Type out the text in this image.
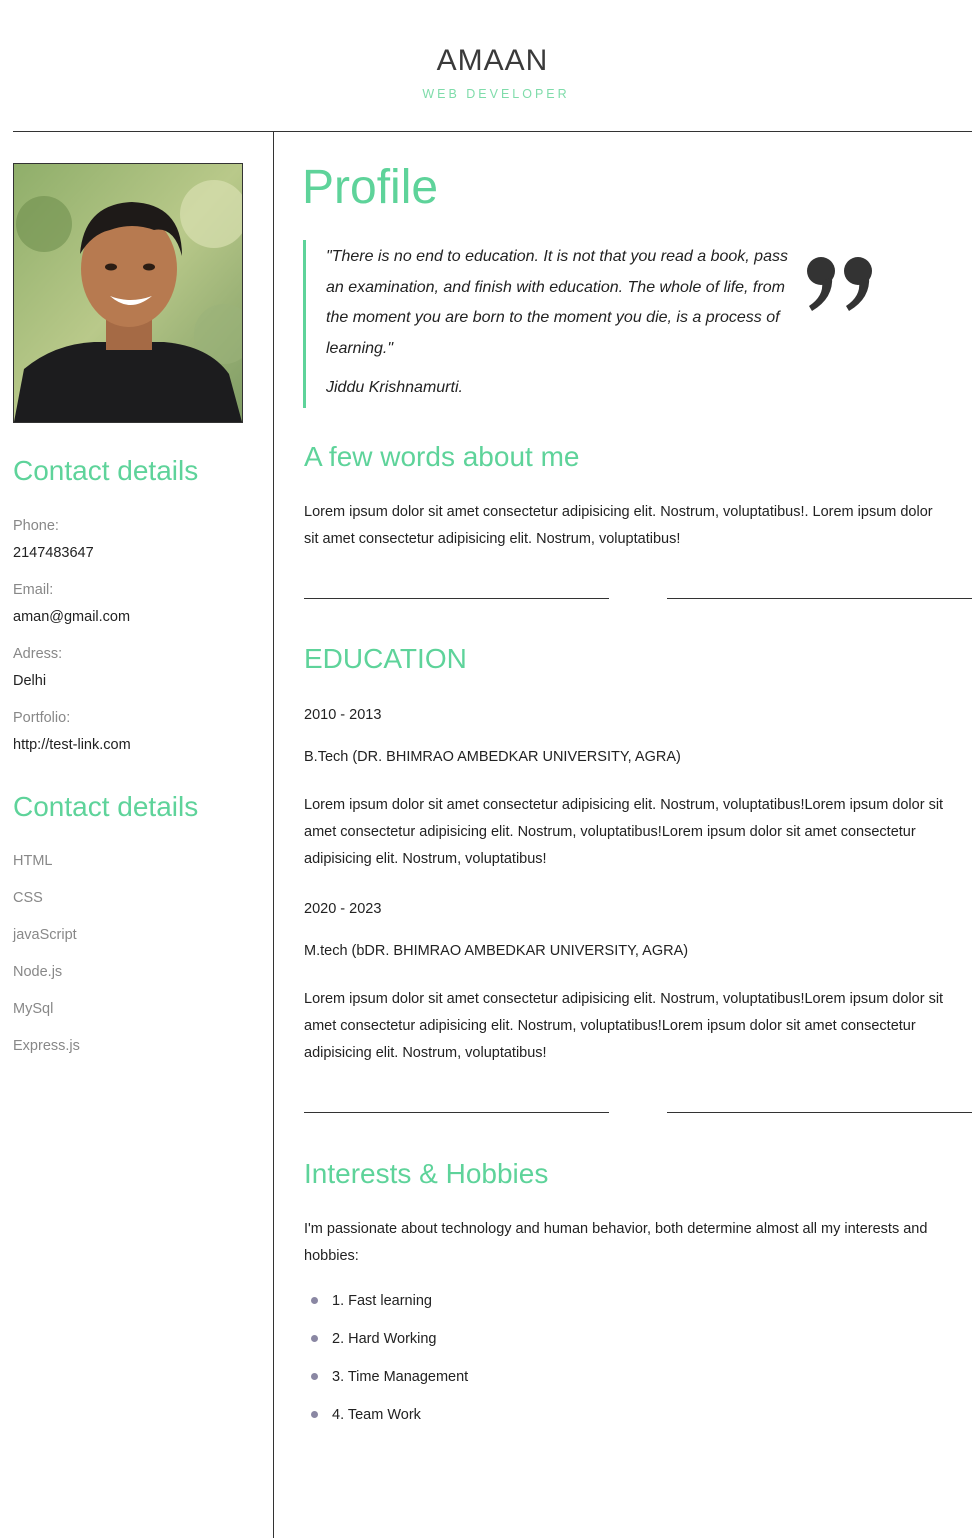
AMAAN
WEB DEVELOPER
Contact details
Phone:
2147483647
Email:
aman@gmail.com
Adress:
Delhi
Portfolio:
http://test-link.com
Contact details
HTML
CSS
javaScript
Node.js
MySql
Express.js
Profile
"There is no end to education. It is not that you read a book, pass an examination, and finish with education. The whole of life, from the moment you are born to the moment you die, is a process of learning."
Jiddu Krishnamurti.
A few words about me
Lorem ipsum dolor sit amet consectetur adipisicing elit. Nostrum, voluptatibus!. Lorem ipsum dolor sit amet consectetur adipisicing elit. Nostrum, voluptatibus!
EDUCATION
2010 - 2013
B.Tech (DR. BHIMRAO AMBEDKAR UNIVERSITY, AGRA)
Lorem ipsum dolor sit amet consectetur adipisicing elit. Nostrum, voluptatibus!Lorem ipsum dolor sit amet consectetur adipisicing elit. Nostrum, voluptatibus!Lorem ipsum dolor sit amet consectetur adipisicing elit. Nostrum, voluptatibus!
2020 - 2023
M.tech (bDR. BHIMRAO AMBEDKAR UNIVERSITY, AGRA)
Lorem ipsum dolor sit amet consectetur adipisicing elit. Nostrum, voluptatibus!Lorem ipsum dolor sit amet consectetur adipisicing elit. Nostrum, voluptatibus!Lorem ipsum dolor sit amet consectetur adipisicing elit. Nostrum, voluptatibus!
Interests & Hobbies
I'm passionate about technology and human behavior, both determine almost all my interests and hobbies:
1. Fast learning
2. Hard Working
3. Time Management
4. Team Work
